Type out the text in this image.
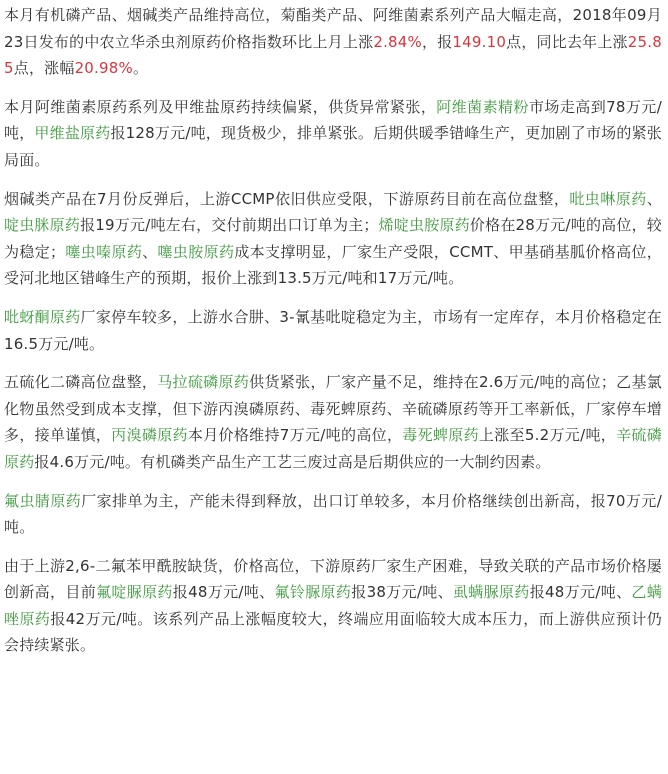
本月有机磷产品、烟碱类产品维持高位，菊酯类产品、阿维菌素系列产品大幅走高，2018年09月23日发布的中农立华杀虫剂原药价格指数环比上月上涨2.84%，报149.10点，同比去年上涨25.85点，涨幅20.98%。

本月阿维菌素原药系列及甲维盐原药持续偏紧，供货异常紧张，阿维菌素精粉市场走高到78万元/吨，甲维盐原药报128万元/吨，现货极少，排单紧张。后期供暖季错峰生产，更加剧了市场的紧张局面。

烟碱类产品在7月份反弹后，上游CCMP依旧供应受限，下游原药目前在高位盘整，吡虫啉原药、啶虫脒原药报19万元/吨左右，交付前期出口订单为主；烯啶虫胺原药价格在28万元/吨的高位，较为稳定；噻虫嗪原药、噻虫胺原药成本支撑明显，厂家生产受限，CCMT、甲基硝基胍价格高位，受河北地区错峰生产的预期，报价上涨到13.5万元/吨和17万元/吨。

吡蚜酮原药厂家停车较多，上游水合肼、3-氰基吡啶稳定为主，市场有一定库存，本月价格稳定在16.5万元/吨。

五硫化二磷高位盘整，马拉硫磷原药供货紧张，厂家产量不足，维持在2.6万元/吨的高位；乙基氯化物虽然受到成本支撑，但下游丙溴磷原药、毒死蜱原药、辛硫磷原药等开工率新低，厂家停车增多，接单谨慎，丙溴磷原药本月价格维持7万元/吨的高位，毒死蜱原药上涨至5.2万元/吨，辛硫磷原药报4.6万元/吨。有机磷类产品生产工艺三废过高是后期供应的一大制约因素。

氟虫腈原药厂家排单为主，产能未得到释放，出口订单较多，本月价格继续创出新高，报70万元/吨。

由于上游2,6-二氟苯甲酰胺缺货，价格高位，下游原药厂家生产困难，导致关联的产品市场价格屡创新高，目前氟啶脲原药报48万元/吨、氟铃脲原药报38万元/吨、虱螨脲原药报48万元/吨、乙螨唑原药报42万元/吨。该系列产品上涨幅度较大，终端应用面临较大成本压力，而上游供应预计仍会持续紧张。
